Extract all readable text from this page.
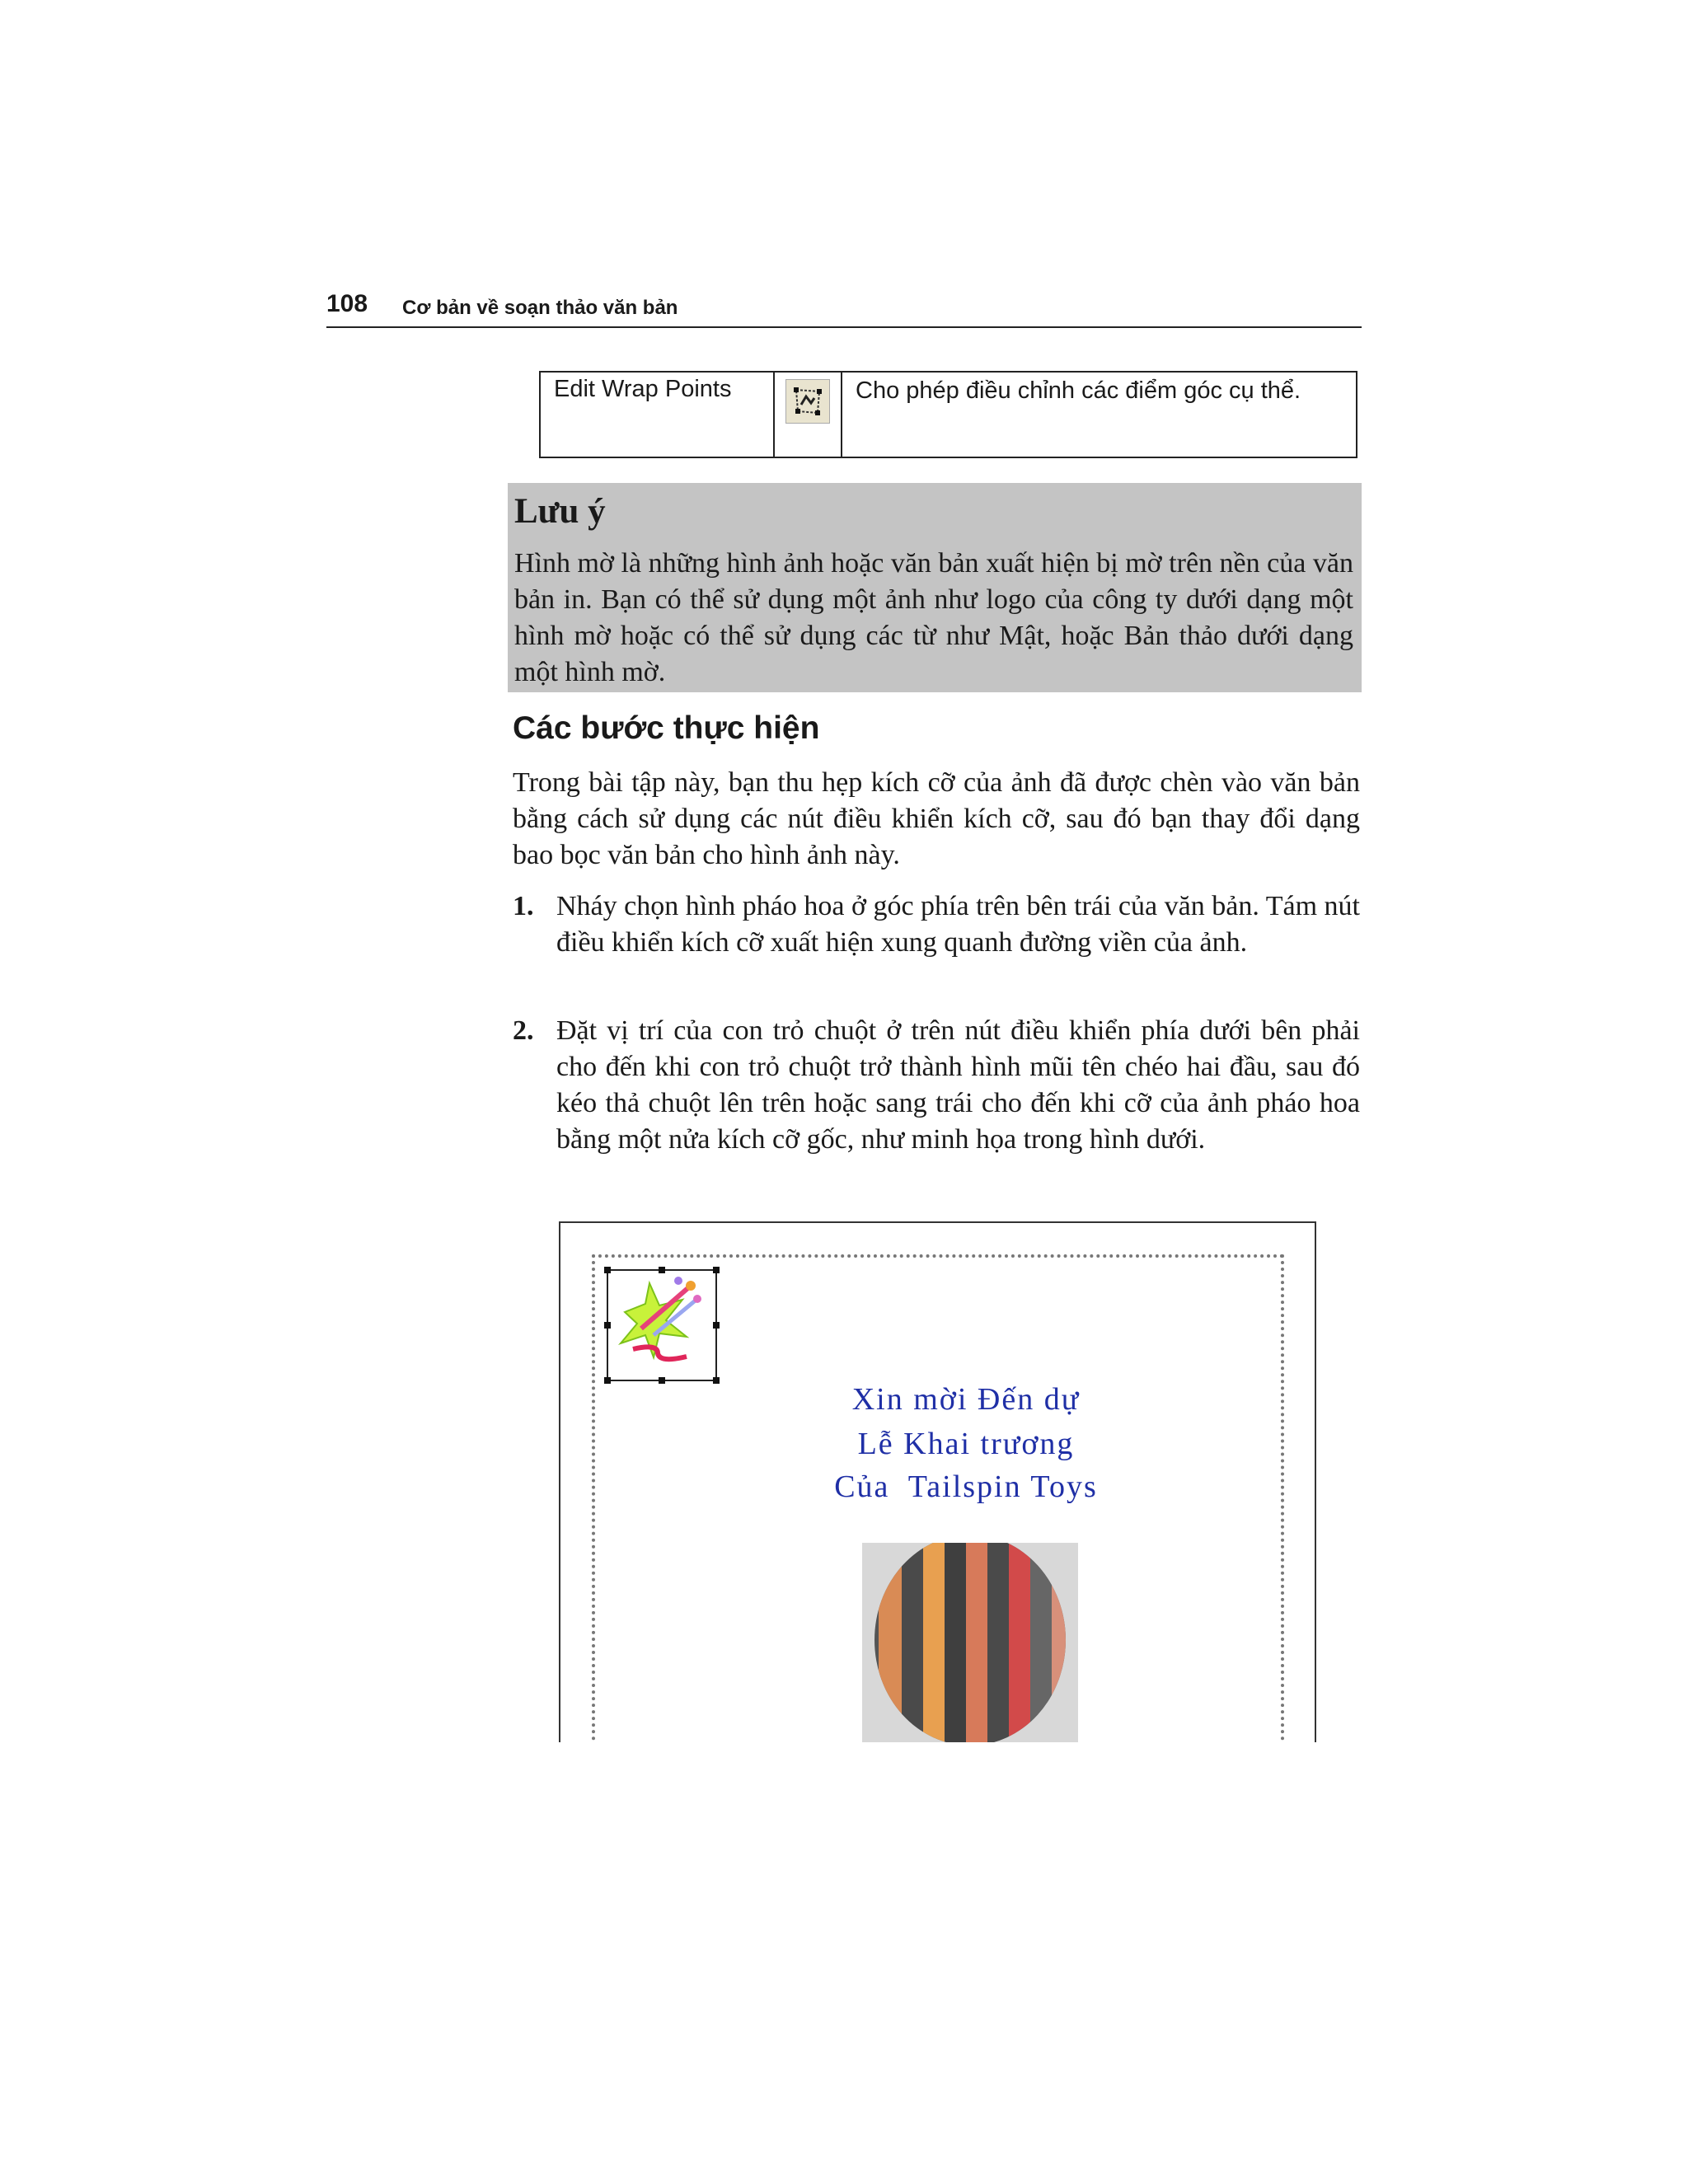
108 Cơ bản về soạn thảo văn bản
Edit Wrap Points		Cho phép điều chỉnh các điểm góc cụ thể.
Lưu ý
Hình mờ là những hình ảnh hoặc văn bản xuất hiện bị mờ trên nền của văn bản in. Bạn có thể sử dụng một ảnh như logo của công ty dưới dạng một hình mờ hoặc có thể sử dụng các từ như Mật, hoặc Bản thảo dưới dạng một hình mờ.
Các bước thực hiện
Trong bài tập này, bạn thu hẹp kích cỡ của ảnh đã được chèn vào văn bản bằng cách sử dụng các nút điều khiển kích cỡ, sau đó bạn thay đổi dạng bao bọc văn bản cho hình ảnh này.
1. Nháy chọn hình pháo hoa ở góc phía trên bên trái của văn bản. Tám nút điều khiển kích cỡ xuất hiện xung quanh đường viền của ảnh.
2. Đặt vị trí của con trỏ chuột ở trên nút điều khiển phía dưới bên phải cho đến khi con trỏ chuột trở thành hình mũi tên chéo hai đầu, sau đó kéo thả chuột lên trên hoặc sang trái cho đến khi cỡ của ảnh pháo hoa bằng một nửa kích cỡ gốc, như minh họa trong hình dưới.
Xin mời Đến dự
Lễ Khai trương
Của  Tailspin Toys
